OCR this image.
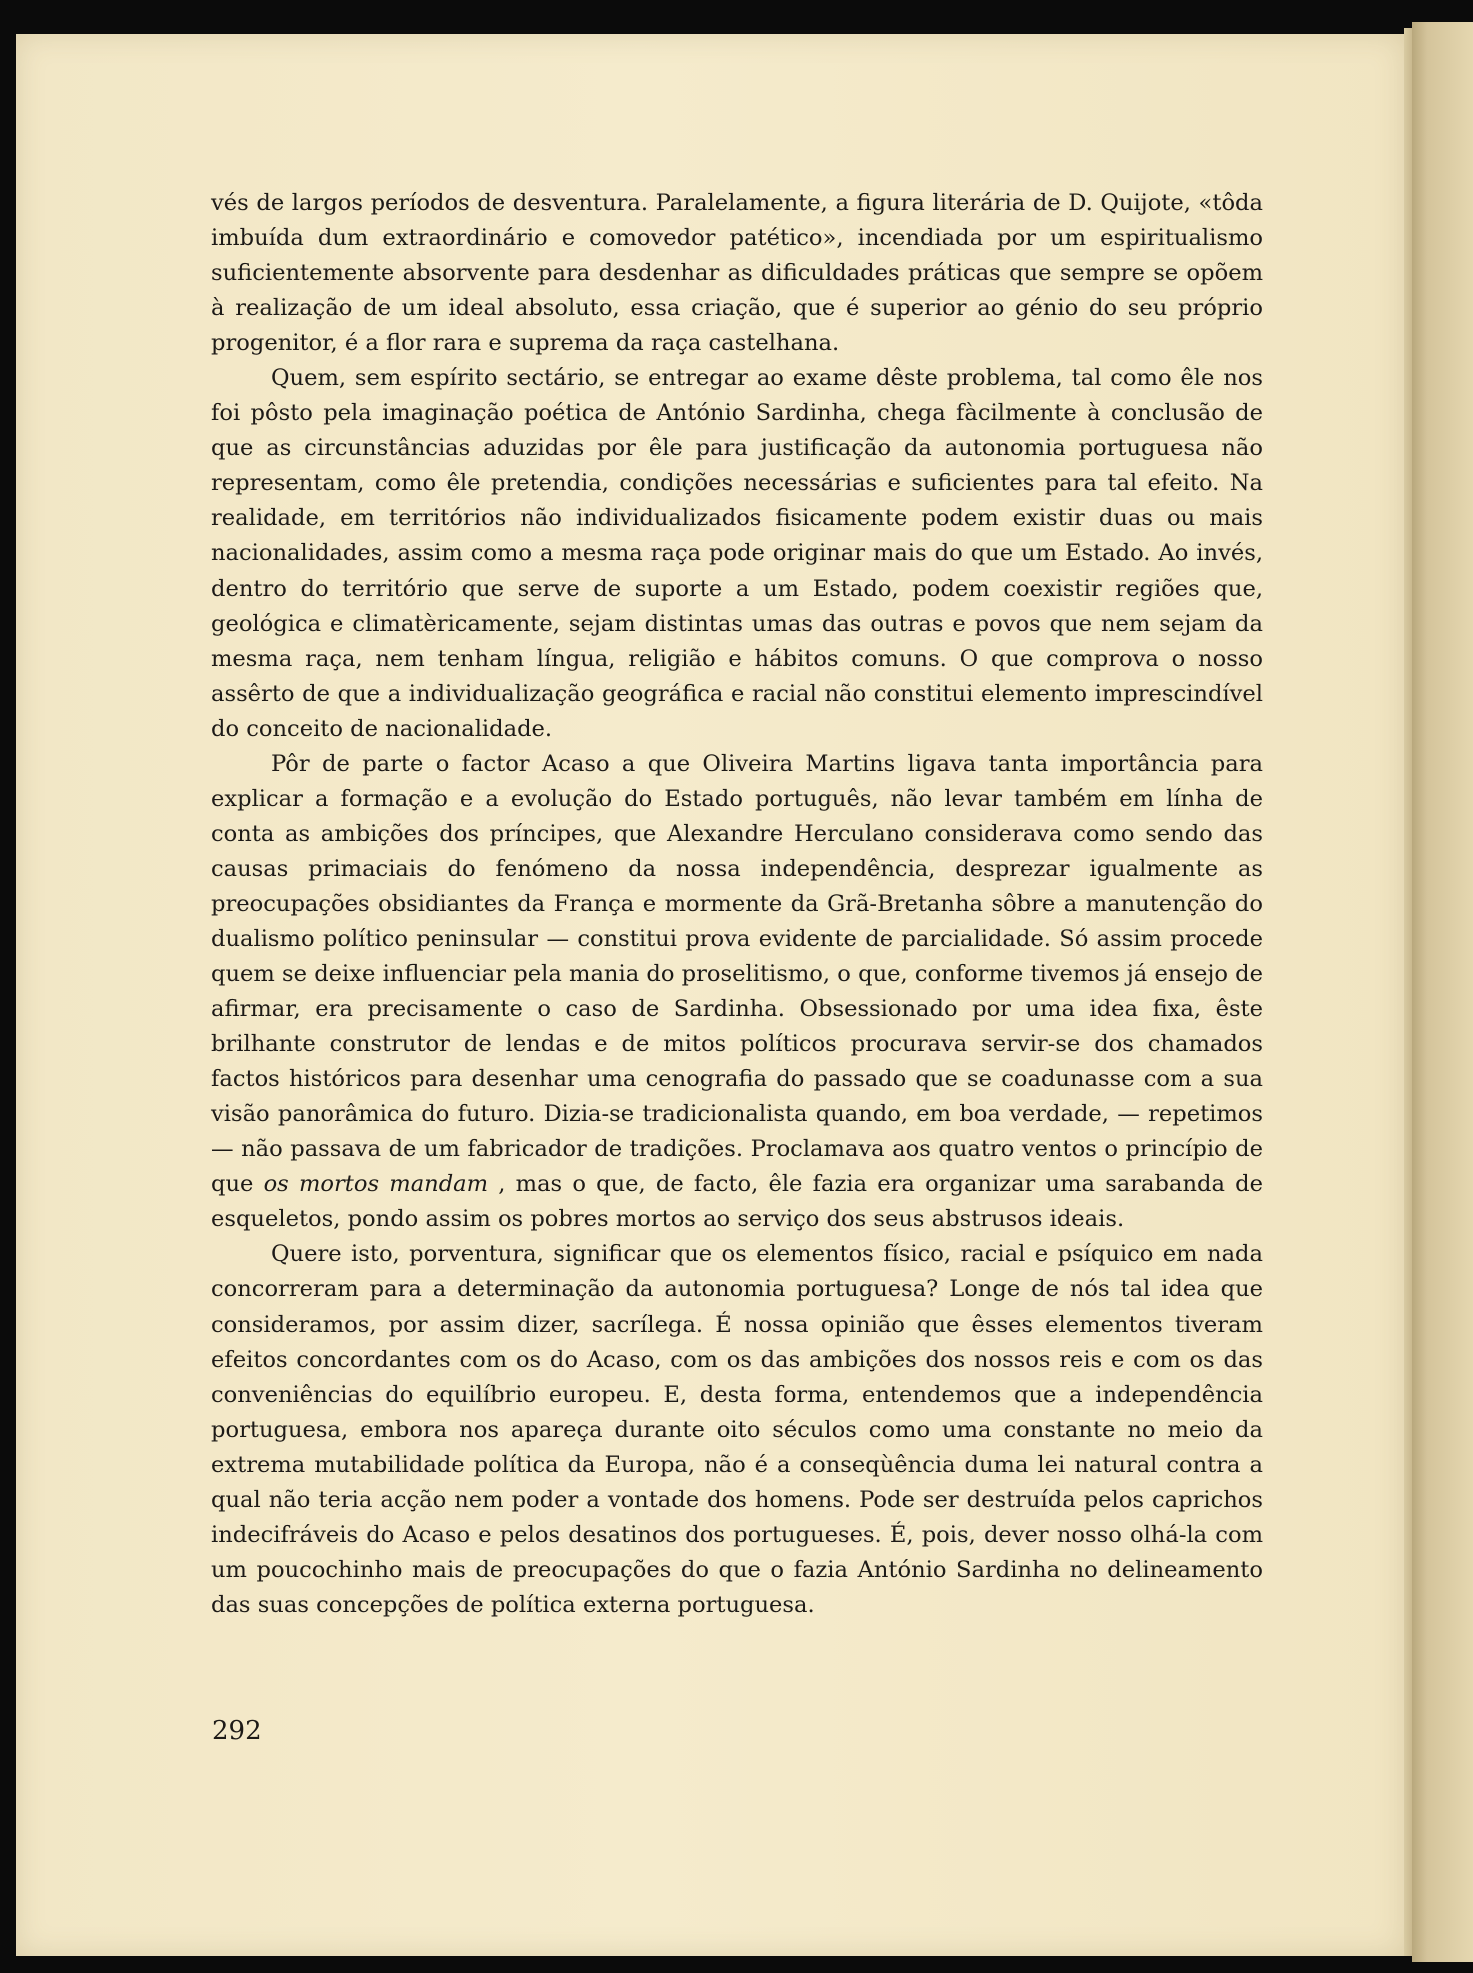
vés de largos períodos de desventura. Paralelamente, a figura literária de D. Quijote, «tôda imbuída dum extraordinário e comovedor patético», incendiada por um espiritualismo suficientemente absorvente para desdenhar as dificuldades práticas que sempre se opõem à realização de um ideal absoluto, essa criação, que é superior ao génio do seu próprio progenitor, é a flor rara e suprema da raça castelhana.

Quem, sem espírito sectário, se entregar ao exame dêste problema, tal como êle nos foi pôsto pela imaginação poética de António Sardinha, chega fàcilmente à conclusão de que as circunstâncias aduzidas por êle para justificação da autonomia portuguesa não representam, como êle pretendia, condições necessárias e suficientes para tal efeito. Na realidade, em territórios não individualizados fisicamente podem existir duas ou mais nacionalidades, assim como a mesma raça pode originar mais do que um Estado. Ao invés, dentro do território que serve de suporte a um Estado, podem coexistir regiões que, geológica e climatèricamente, sejam distintas umas das outras e povos que nem sejam da mesma raça, nem tenham língua, religião e hábitos comuns. O que comprova o nosso assêrto de que a individualização geográfica e racial não constitui elemento imprescindível do conceito de nacionalidade.

Pôr de parte o factor Acaso a que Oliveira Martins ligava tanta importância para explicar a formação e a evolução do Estado português, não levar também em línha de conta as ambições dos príncipes, que Alexandre Herculano considerava como sendo das causas primaciais do fenómeno da nossa independência, desprezar igualmente as preocupações obsidiantes da França e mormente da Grã-Bretanha sôbre a manutenção do dualismo político peninsular — constitui prova evidente de parcialidade. Só assim procede quem se deixe influenciar pela mania do proselitismo, o que, conforme tivemos já ensejo de afirmar, era precisamente o caso de Sardinha. Obsessionado por uma idea fixa, êste brilhante construtor de lendas e de mitos políticos procurava servir-se dos chamados factos históricos para desenhar uma cenografia do passado que se coadunasse com a sua visão panorâmica do futuro. Dizia-se tradicionalista quando, em boa verdade, — repetimos — não passava de um fabricador de tradições. Proclamava aos quatro ventos o princípio de que os mortos mandam , mas o que, de facto, êle fazia era organizar uma sarabanda de esqueletos, pondo assim os pobres mortos ao serviço dos seus abstrusos ideais.

Quere isto, porventura, significar que os elementos físico, racial e psíquico em nada concorreram para a determinação da autonomia portuguesa? Longe de nós tal idea que consideramos, por assim dizer, sacrílega. É nossa opinião que êsses elementos tiveram efeitos concordantes com os do Acaso, com os das ambições dos nossos reis e com os das conveniências do equilíbrio europeu. E, desta forma, entendemos que a independência portuguesa, embora nos apareça durante oito séculos como uma constante no meio da extrema mutabilidade política da Europa, não é a conseqùência duma lei natural contra a qual não teria acção nem poder a vontade dos homens. Pode ser destruída pelos caprichos indecifráveis do Acaso e pelos desatinos dos portugueses. É, pois, dever nosso olhá-la com um poucochinho mais de preocupações do que o fazia António Sardinha no delineamento das suas concepções de política externa portuguesa.

292
